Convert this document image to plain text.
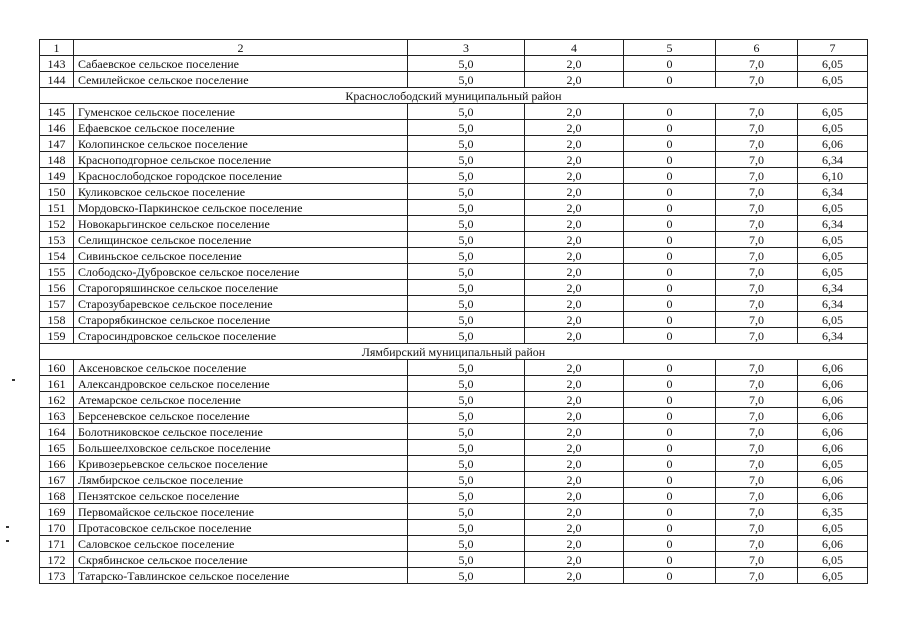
1	2	3	4	5	6	7
143	Сабаевское сельское поселение	5,0	2,0	0	7,0	6,05
144	Семилейское сельское поселение	5,0	2,0	0	7,0	6,05
Краснослободский муниципальный район						
145	Гуменское сельское поселение	5,0	2,0	0	7,0	6,05
146	Ефаевское сельское поселение	5,0	2,0	0	7,0	6,05
147	Колопинское сельское поселение	5,0	2,0	0	7,0	6,06
148	Красноподгорное сельское поселение	5,0	2,0	0	7,0	6,34
149	Краснослободское городское поселение	5,0	2,0	0	7,0	6,10
150	Куликовское сельское поселение	5,0	2,0	0	7,0	6,34
151	Мордовско-Паркинское сельское поселение	5,0	2,0	0	7,0	6,05
152	Новокарьгинское сельское поселение	5,0	2,0	0	7,0	6,34
153	Селищинское сельское поселение	5,0	2,0	0	7,0	6,05
154	Сивиньское сельское поселение	5,0	2,0	0	7,0	6,05
155	Слободско-Дубровское сельское поселение	5,0	2,0	0	7,0	6,05
156	Старогоряшинское сельское поселение	5,0	2,0	0	7,0	6,34
157	Старозубаревское сельское поселение	5,0	2,0	0	7,0	6,34
158	Старорябкинское сельское поселение	5,0	2,0	0	7,0	6,05
159	Старосиндровское сельское поселение	5,0	2,0	0	7,0	6,34
Лямбирский муниципальный район						
160	Аксеновское сельское поселение	5,0	2,0	0	7,0	6,06
161	Александровское сельское поселение	5,0	2,0	0	7,0	6,06
162	Атемарское сельское поселение	5,0	2,0	0	7,0	6,06
163	Берсеневское сельское поселение	5,0	2,0	0	7,0	6,06
164	Болотниковское сельское поселение	5,0	2,0	0	7,0	6,06
165	Большеелховское сельское поселение	5,0	2,0	0	7,0	6,06
166	Кривозерьевское сельское поселение	5,0	2,0	0	7,0	6,05
167	Лямбирское сельское поселение	5,0	2,0	0	7,0	6,06
168	Пензятское сельское поселение	5,0	2,0	0	7,0	6,06
169	Первомайское сельское поселение	5,0	2,0	0	7,0	6,35
170	Протасовское сельское поселение	5,0	2,0	0	7,0	6,05
171	Саловское сельское поселение	5,0	2,0	0	7,0	6,06
172	Скрябинское сельское поселение	5,0	2,0	0	7,0	6,05
173	Татарско-Тавлинское сельское поселение	5,0	2,0	0	7,0	6,05
